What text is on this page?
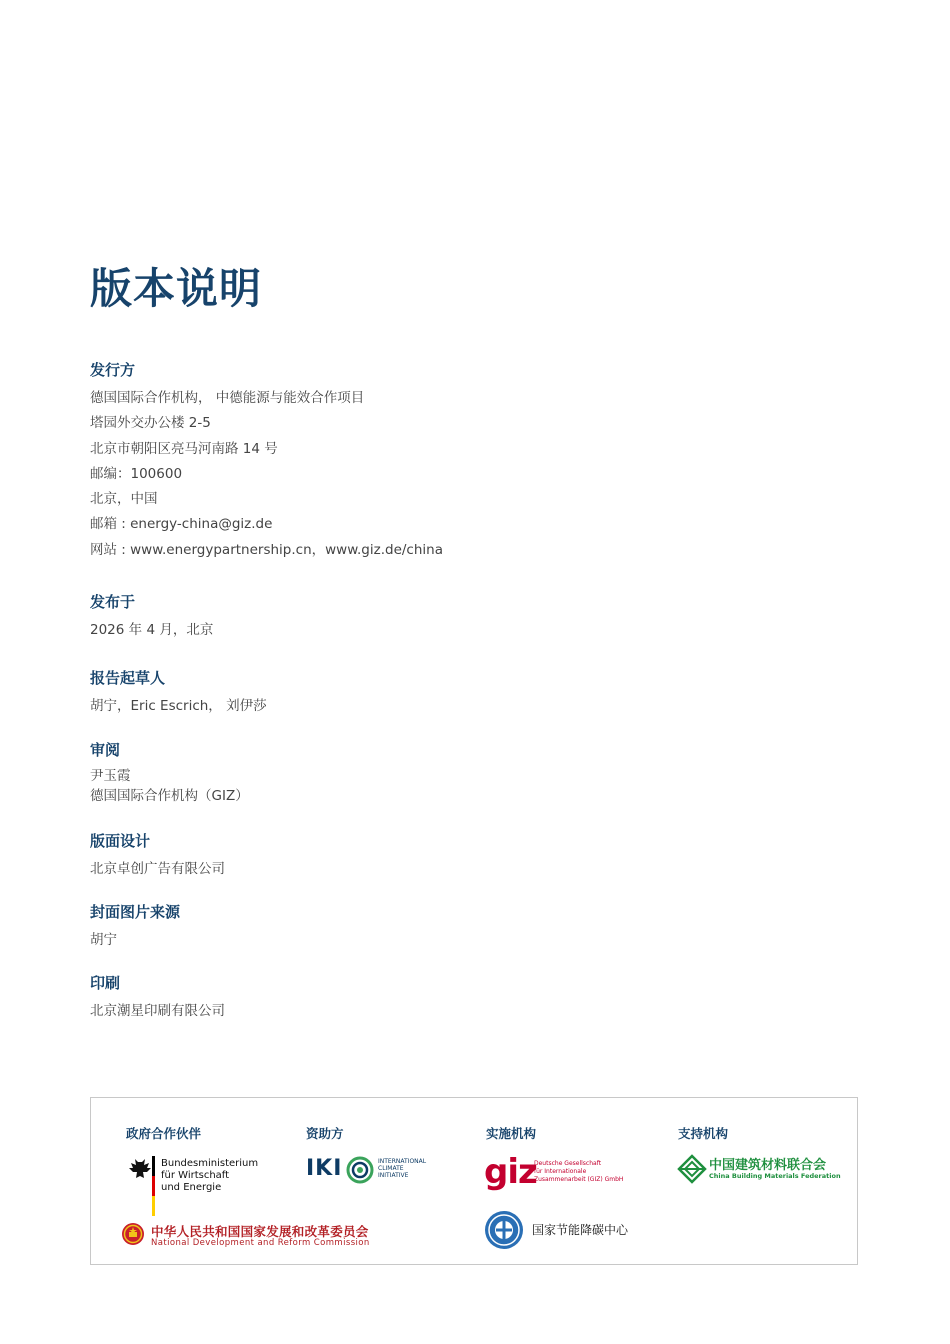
版本说明
发行方
德国国际合作机构， 中德能源与能效合作项目
塔园外交办公楼 2-5
北京市朝阳区亮马河南路 14 号
邮编：100600
北京，中国
邮箱 : energy-china@giz.de
网站 : www.energypartnership.cn，www.giz.de/china
发布于
2026 年 4 月，北京
报告起草人
胡宁，Eric Escrich， 刘伊莎
审阅
尹玉霞
德国国际合作机构（GIZ）
版面设计
北京卓创广告有限公司
封面图片来源
胡宁
印刷
北京潮星印刷有限公司
政府合作伙伴	资助方	实施机构	支持机构
Bundesministerium
für Wirtschaft
und Energie
IKI	INTERNATIONAL
CLIMATE
INITIATIVE	giz
Deutsche Gesellschaft
für Internationale
Zusammenarbeit (GIZ) GmbH
中国建筑材料联合会
China Building Materials Federation
中华人民共和国国家发展和改革委员会
National Development and Reform Commission
国家节能降碳中心
